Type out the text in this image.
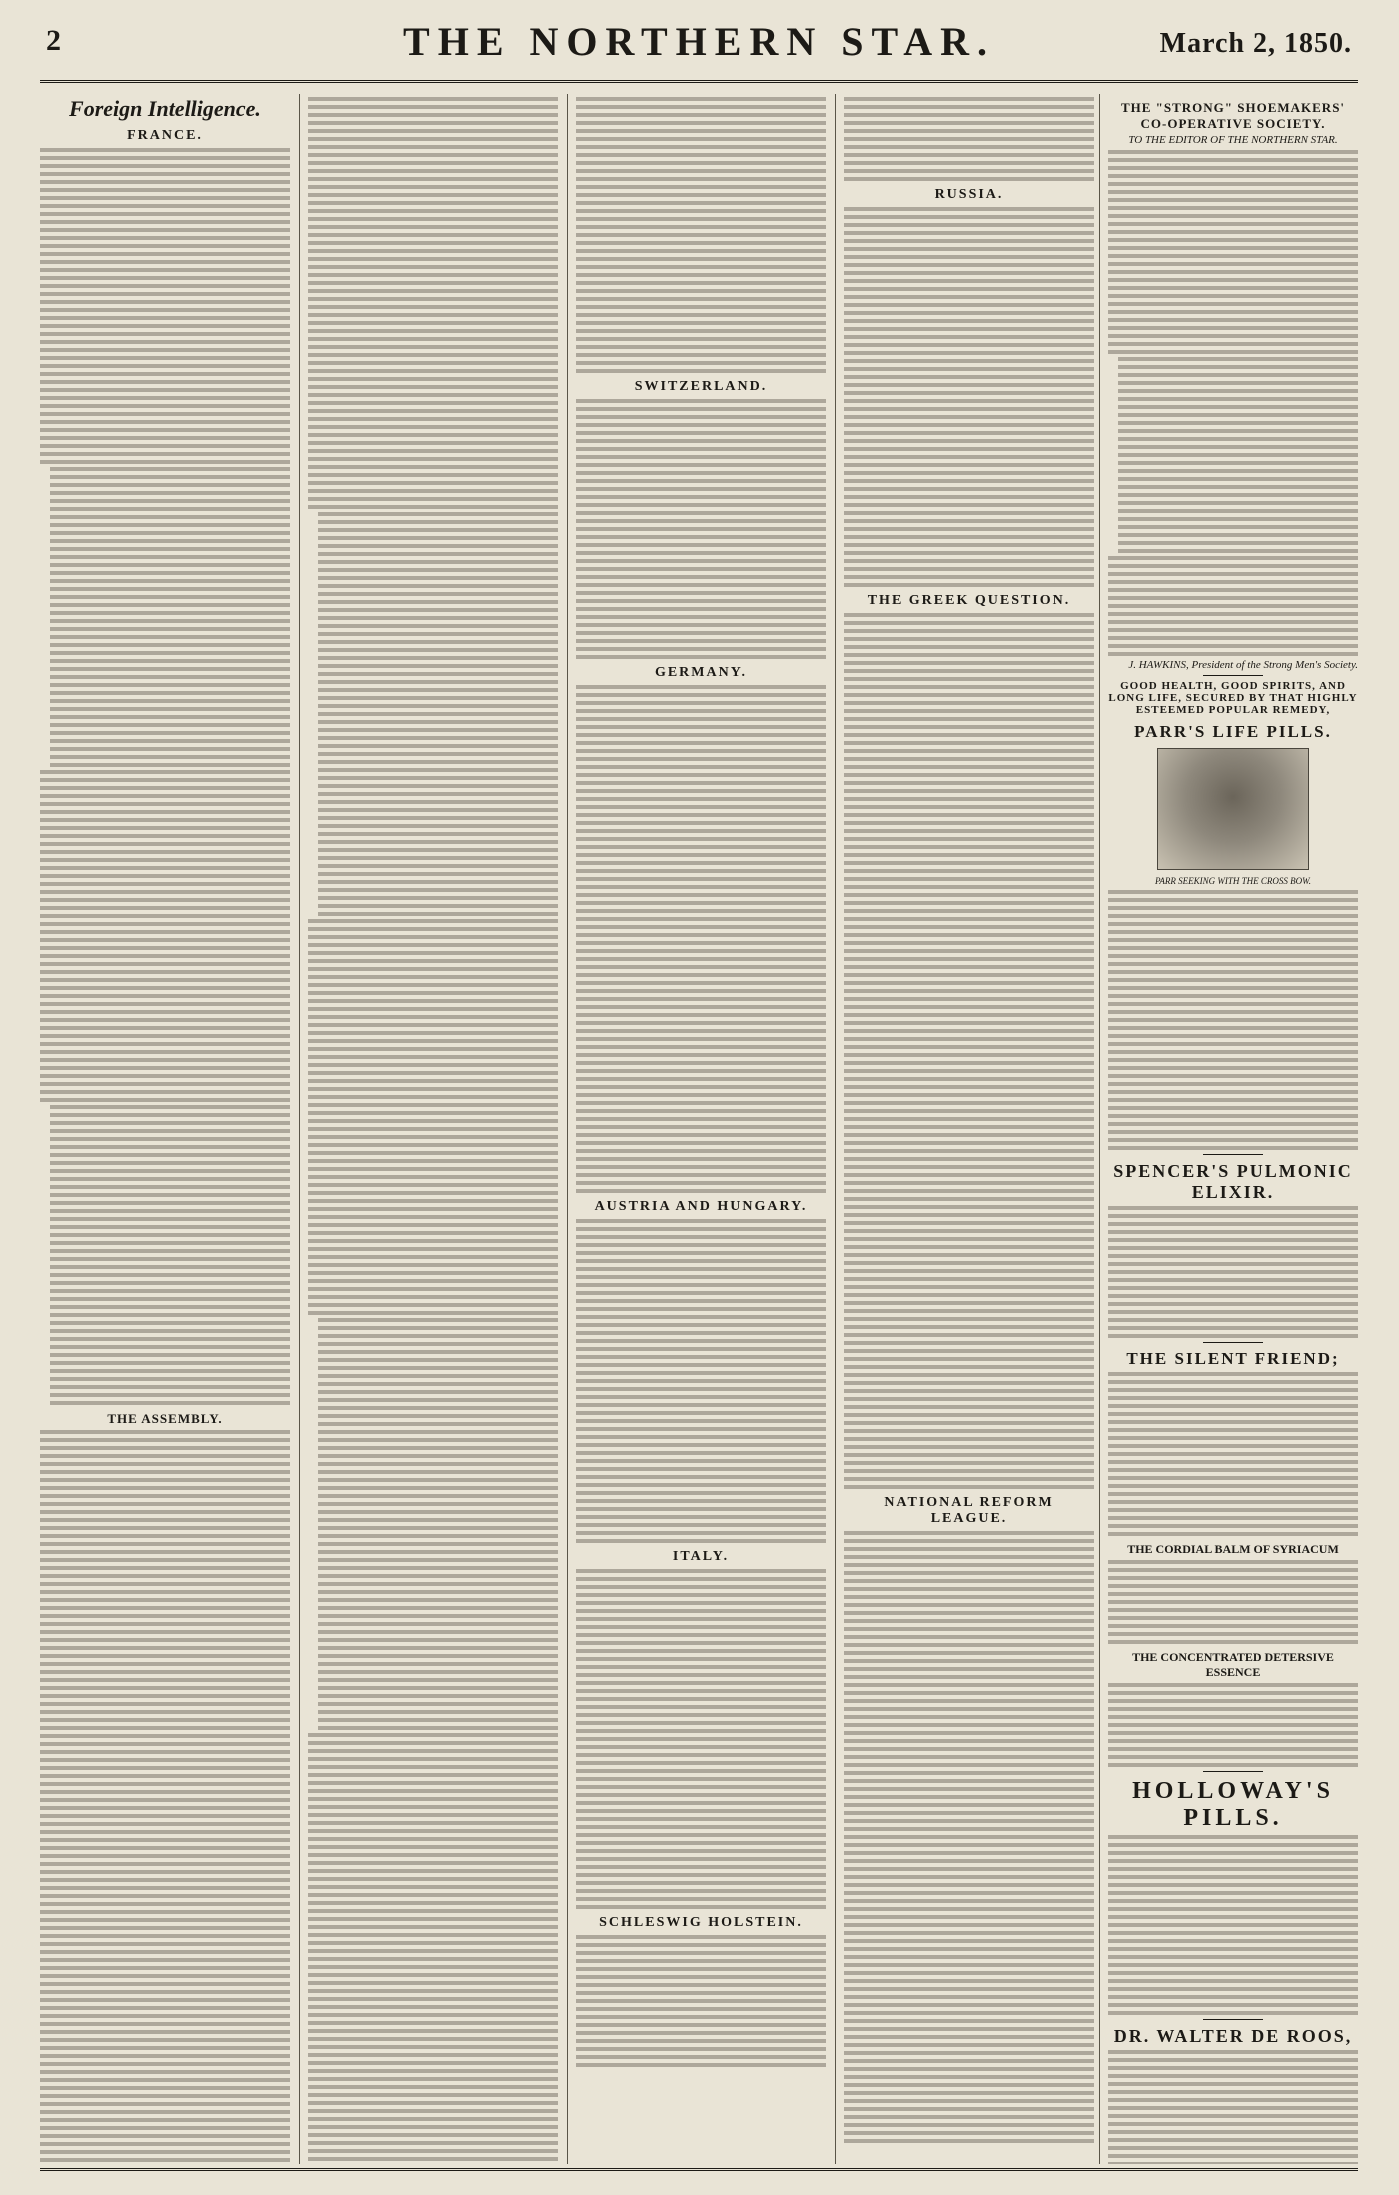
2	THE NORTHERN STAR.	March 2, 1850.
Foreign Intelligence.
FRANCE.
THE ASSEMBLY.
SWITZERLAND.
GERMANY.
AUSTRIA AND HUNGARY.
ITALY.
SCHLESWIG HOLSTEIN.
RUSSIA.
THE GREEK QUESTION.
NATIONAL REFORM LEAGUE.
THE "STRONG" SHOEMAKERS' CO-OPERATIVE SOCIETY.
TO THE EDITOR OF THE NORTHERN STAR.
J. HAWKINS, President of the Strong Men's Society.
GOOD HEALTH, GOOD SPIRITS, AND LONG LIFE, SECURED BY THAT HIGHLY ESTEEMED POPULAR REMEDY,
PARR'S LIFE PILLS.
PARR SEEKING WITH THE CROSS BOW.
SPENCER'S PULMONIC ELIXIR.
THE SILENT FRIEND;
THE CORDIAL BALM OF SYRIACUM
THE CONCENTRATED DETERSIVE ESSENCE
HOLLOWAY'S PILLS.
DR. WALTER DE ROOS,
